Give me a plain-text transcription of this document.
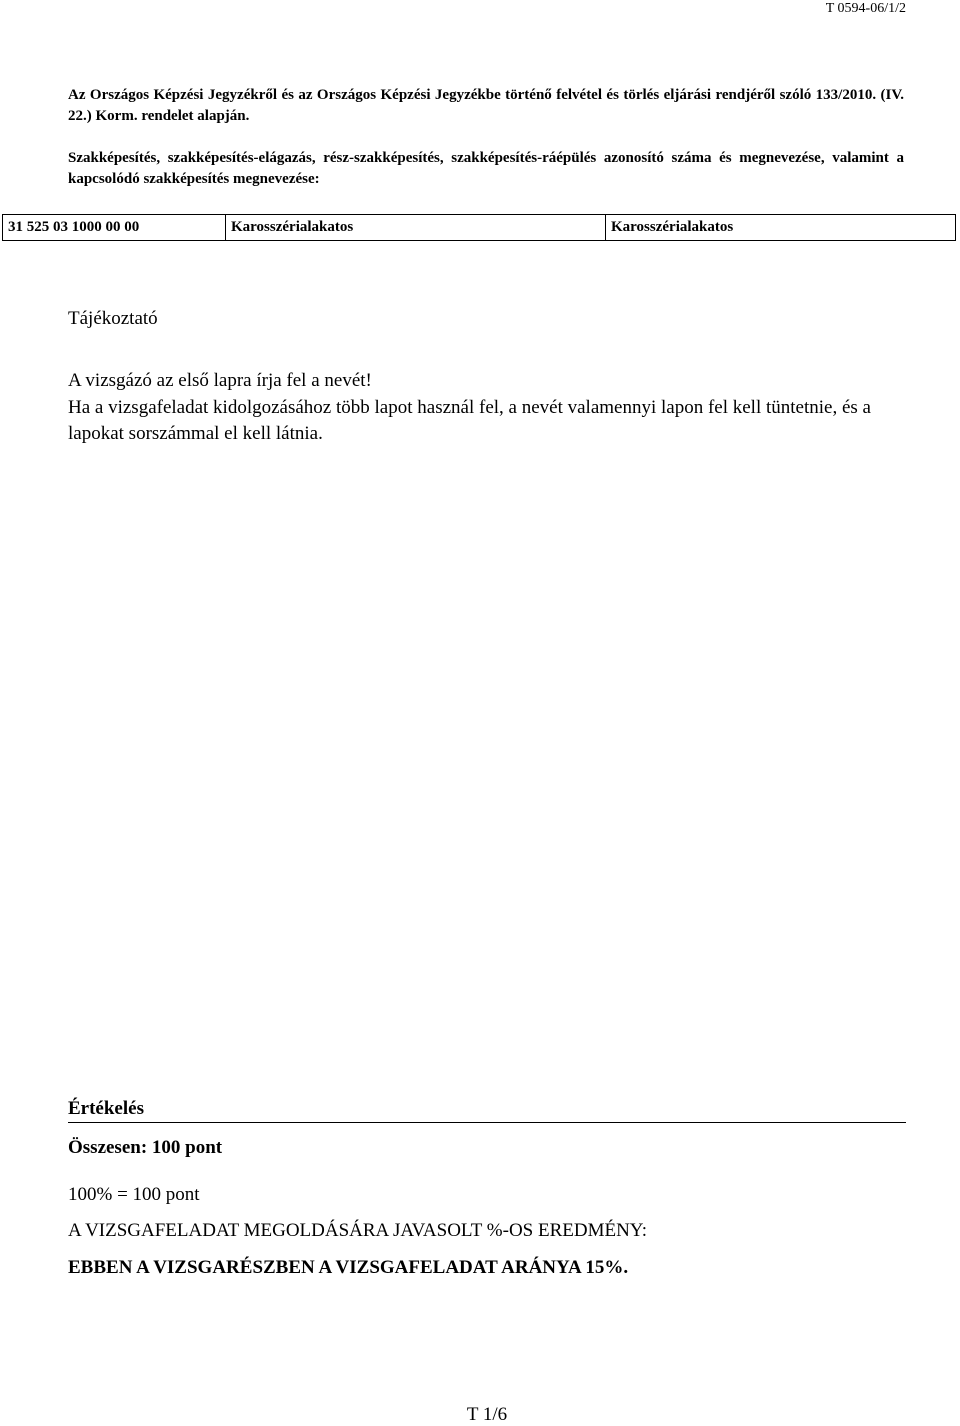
T 0594-06/1/2
Az Országos Képzési Jegyzékről és az Országos Képzési Jegyzékbe történő felvétel és törlés eljárási rendjéről szóló 133/2010. (IV. 22.) Korm. rendelet alapján.
Szakképesítés, szakképesítés-elágazás, rész-szakképesítés, szakképesítés-ráépülés azonosító száma és megnevezése, valamint a kapcsolódó szakképesítés megnevezése:
31 525 03 1000 00 00	Karosszérialakatos	Karosszérialakatos
Tájékoztató
A vizsgázó az első lapra írja fel a nevét!
Ha a vizsgafeladat kidolgozásához több lapot használ fel, a nevét valamennyi lapon fel kell tüntetnie, és a lapokat sorszámmal el kell látnia.
Értékelés
Összesen: 100 pont
100% = 100 pont
A VIZSGAFELADAT MEGOLDÁSÁRA JAVASOLT %-OS EREDMÉNY:
EBBEN A VIZSGARÉSZBEN A VIZSGAFELADAT ARÁNYA 15%.
T 1/6
